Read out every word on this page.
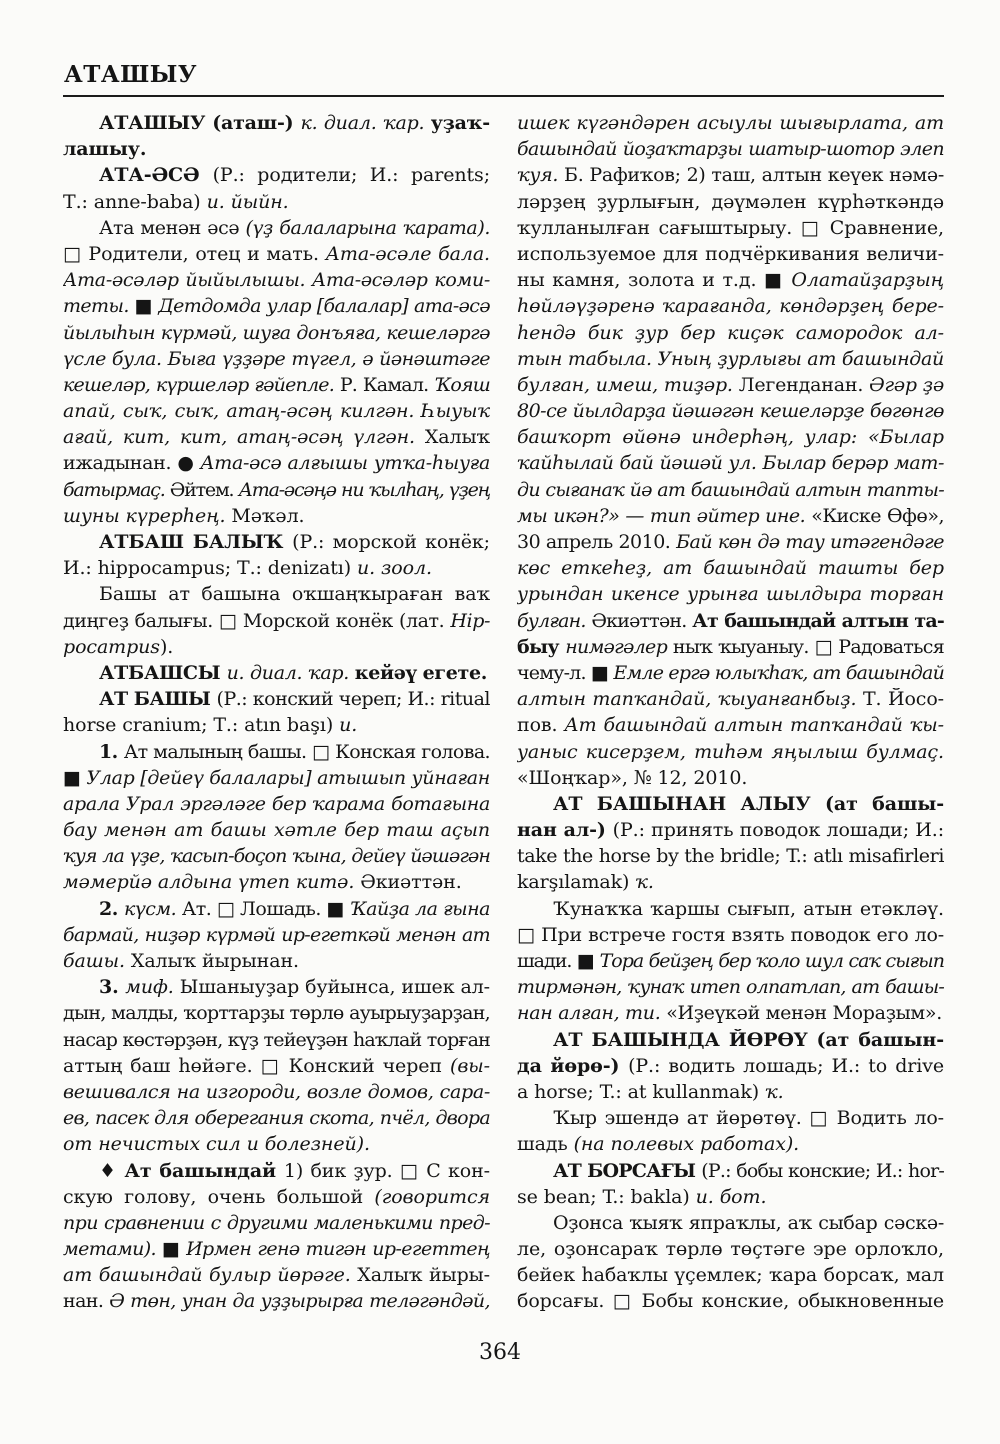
АТАШЫУ
АТАШЫУ (аташ-) к. диал. ҡар. уҙаҡ-
лашыу.
АТА-ӘСӘ (Р.: родители; И.: parents;
Т.: anne-baba) и. йыйн.
Ата менән әсә (үҙ балаларына ҡарата).
□ Родители, отец и мать. Ата-әсәле бала.
Ата-әсәләр йыйылышы. Ата-әсәләр коми-
теты. ■ Детдомда улар [балалар] ата-әсә
йылыһын күрмәй, шуға донъяға, кешеләргә
үсле була. Быға үҙҙәре түгел, ә йәнәштәге
кешеләр, күршеләр ғәйепле. Р. Камал. Ҡояш
апай, сыҡ, сыҡ, атаң-әсәң килгән. Һыуыҡ
ағай, кит, кит, атаң-әсәң үлгән. Халыҡ
ижадынан. ● Ата-әсә алғышы утҡа-һыуға
батырмаҫ. Әйтем. Ата-әсәңә ни ҡылһаң, үҙең
шуны күрерһең. Мәҡәл.
АТБАШ БАЛЫҠ (Р.: морской конёк;
И.: hippocampus; Т.: denizatı) и. зоол.
Башы ат башына оҡшаңҡыраған ваҡ
диңгеҙ балығы. □ Морской конёк (лат. Hip-
pocampus).
АТБАШСЫ и. диал. ҡар. кейәү егете.
АТ БАШЫ (Р.: конский череп; И.: ritual
horse cranium; Т.: atın başı) и.
1. Ат малының башы. □ Конская голова.
■ Улар [дейеү балалары] атышып уйнаған
арала Урал эргәләге бер ҡарама ботағына
бау менән ат башы хәтле бер таш аҫып
ҡуя ла үҙе, ҡасып-боҫоп ҡына, дейеү йәшәгән
мәмерйә алдына үтеп китә. Әкиәттән.
2. күсм. Ат. □ Лошадь. ■ Ҡайҙа ла ғына
бармай, ниҙәр күрмәй ир-егеткәй менән ат
башы. Халыҡ йырынан.
3. миф. Ышаныуҙар буйынса, ишек ал-
дын, малды, ҡорттарҙы төрлө ауырыуҙарҙан,
насар көстәрҙән, күҙ тейеүҙән һаҡлай торған
аттың баш һөйәге. □ Конский череп (вы-
вешивался на изгороди, возле домов, сара-
ев, пасек для оберегания скота, пчёл, двора
от нечистых сил и болезней).
♦ Ат башындай 1) бик ҙур. □ С кон-
скую голову, очень большой (говорится
при сравнении с другими маленькими пред-
метами). ■ Ирмен генә тигән ир-егеттең
ат башындай булыр йөрәге. Халыҡ йыры-
нан. Ә төн, унан да уҙҙырырға теләгәндәй,
ишек күгәндәрен асыулы шығырлата, ат
башындай йоҙаҡтарҙы шатыр-шотор элеп
ҡуя. Б. Рафиҡов; 2) таш, алтын кеүек нәмә-
ләрҙең ҙурлығын, дәүмәлен күрһәткәндә
ҡулланылған сағыштырыу. □ Сравнение,
используемое для подчёркивания величи-
ны камня, золота и т.д. ■ Олатайҙарҙың
һөйләүҙәренә ҡарағанда, көндәрҙең бере-
һендә бик ҙур бер киҫәк самородок ал-
тын табыла. Уның ҙурлығы ат башындай
булған, имеш, тиҙәр. Легенданан. Әгәр ҙә
80-се йылдарҙа йәшәгән кешеләрҙе бөгөнгө
башҡорт өйөнә индерһәң, улар: «Былар
ҡайһылай бай йәшәй ул. Былар берәр мат-
ди сығанаҡ йә ат башындай алтын тапты-
мы икән?» — тип әйтер ине. «Киске Өфө»,
30 апрель 2010. Бай көн дә тау итәгендәге
көс еткеһеҙ, ат башындай ташты бер
урындан икенсе урынға шылдыра торған
булған. Әкиәттән. Ат башындай алтын та-
быу нимәгәлер ныҡ ҡыуаныу. □ Радоваться
чему-л. ■ Емле ергә юлыҡһаҡ, ат башындай
алтын тапҡандай, ҡыуанғанбыҙ. Т. Йосо-
пов. Ат башындай алтын тапҡандай ҡы-
уаныс кисерҙем, тиһәм яңылыш булмаҫ.
«Шоңҡар», № 12, 2010.
АТ БАШЫНАН АЛЫУ (ат башы-
нан ал-) (Р.: принять поводок лошади; И.:
take the horse by the bridle; T.: atlı misafirleri
karşılamak) ҡ.
Ҡунаҡҡа ҡаршы сығып, атын етәкләү.
□ При встрече гостя взять поводок его ло-
шади. ■ Тора бейҙең бер ҡоло шул саҡ сығып
тирмәнән, ҡунаҡ итеп олпатлап, ат башы-
нан алған, ти. «Иҙеүкәй менән Мораҙым».
АТ БАШЫНДА ЙӨРӨҮ (ат башын-
да йөрө-) (Р.: водить лошадь; И.: to drive
a horse; T.: at kullanmak) ҡ.
Ҡыр эшендә ат йөрөтөү. □ Водить ло-
шадь (на полевых работах).
АТ БОРСАҒЫ (Р.: бобы конские; И.: hor-
se bean; T.: bakla) и. бот.
Оҙонса ҡыяҡ япраҡлы, аҡ сыбар сәскә-
ле, оҙонсараҡ төрлө төҫтәге эре орлоҡло,
бейек һабаҡлы үҫемлек; ҡара борсаҡ, мал
борсағы. □ Бобы конские, обыкновенные
364
